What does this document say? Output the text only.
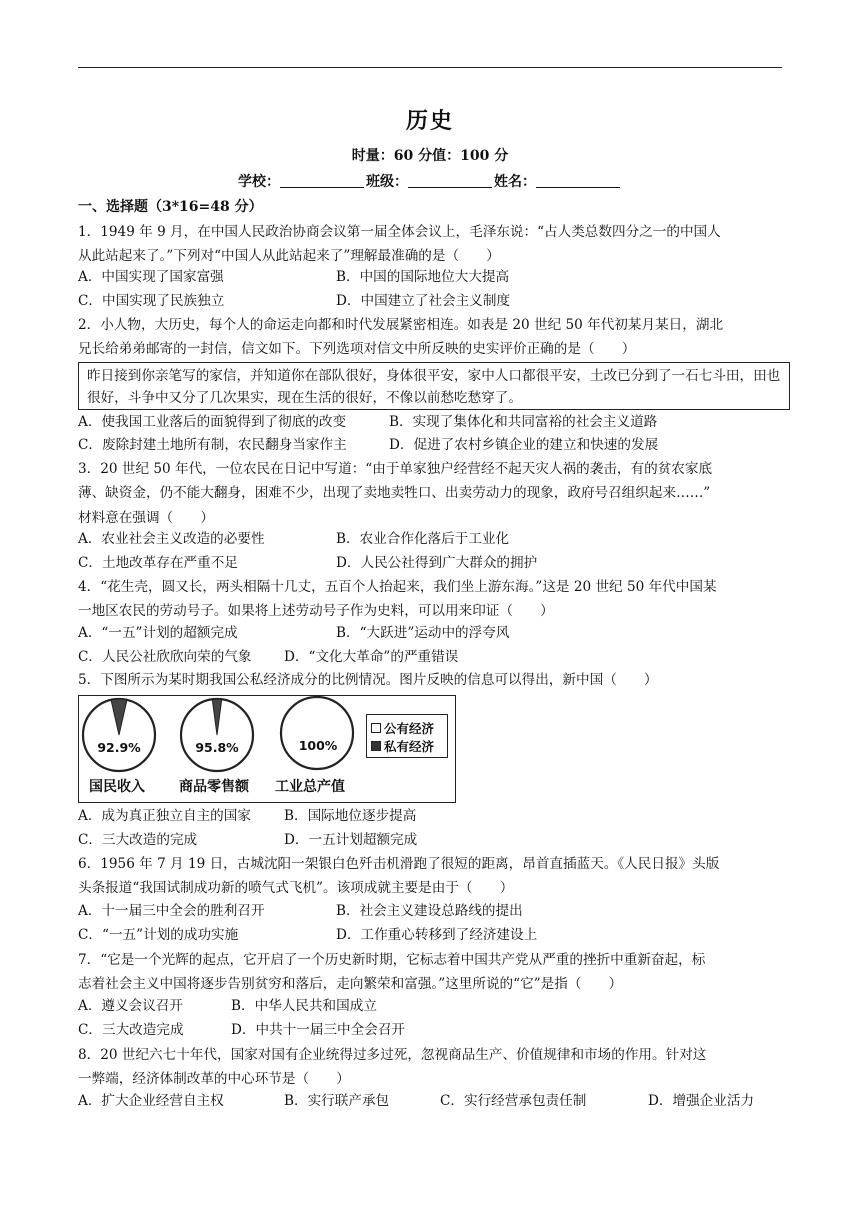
历史
时量：60 分值：100 分
学校：	班级：	姓名：
一、选择题（3*16=48 分）
1．1949 年 9 月，在中国人民政治协商会议第一届全体会议上，毛泽东说：“占人类总数四分之一的中国人
从此站起来了。”下列对“中国人从此站起来了”理解最准确的是（　　）
A．中国实现了国家富强	B．中国的国际地位大大提高
C．中国实现了民族独立	D．中国建立了社会主义制度
2．小人物，大历史，每个人的命运走向都和时代发展紧密相连。如表是 20 世纪 50 年代初某月某日，湖北
兄长给弟弟邮寄的一封信，信文如下。下列选项对信文中所反映的史实评价正确的是（　　）
昨日接到你亲笔写的家信，并知道你在部队很好，身体很平安，家中人口都很平安，土改已分到了一石七斗田，田也
很好，斗争中又分了几次果实，现在生活的很好，不像以前愁吃愁穿了。
A．使我国工业落后的面貌得到了彻底的改变	B．实现了集体化和共同富裕的社会主义道路
C．废除封建土地所有制，农民翻身当家作主	D．促进了农村乡镇企业的建立和快速的发展
3．20 世纪 50 年代，一位农民在日记中写道：“由于单家独户经营经不起天灾人祸的袭击，有的贫农家底
薄、缺资金，仍不能大翻身，困难不少，出现了卖地卖牲口、出卖劳动力的现象，政府号召组织起来……”
材料意在强调（　　）
A．农业社会主义改造的必要性	B．农业合作化落后于工业化
C．土地改革存在严重不足	D．人民公社得到广大群众的拥护
4．“花生壳，圆又长，两头相隔十几丈，五百个人抬起来，我们坐上游东海。”这是 20 世纪 50 年代中国某
一地区农民的劳动号子。如果将上述劳动号子作为史料，可以用来印证（　　）
A．“一五”计划的超额完成	B．“大跃进”运动中的浮夸风
C．人民公社欣欣向荣的气象 D．“文化大革命”的严重错误
5．下图所示为某时期我国公私经济成分的比例情况。图片反映的信息可以得出，新中国（　　）
92.9%	95.8%	100%
国民收入 商品零售额 工业总产值
公有经济
私有经济
A．成为真正独立自主的国家 B．国际地位逐步提高
C．三大改造的完成	D．一五计划超额完成
6．1956 年 7 月 19 日，古城沈阳一架银白色歼击机滑跑了很短的距离，昂首直插蓝天。《人民日报》头版
头条报道“我国试制成功新的喷气式飞机”。该项成就主要是由于（　　）
A．十一届三中全会的胜利召开	B．社会主义建设总路线的提出
C．“一五”计划的成功实施	D．工作重心转移到了经济建设上
7．“它是一个光辉的起点，它开启了一个历史新时期，它标志着中国共产党从严重的挫折中重新奋起，标
志着社会主义中国将逐步告别贫穷和落后，走向繁荣和富强。”这里所说的“它”是指（　　）
A．遵义会议召开	B．中华人民共和国成立
C．三大改造完成	D．中共十一届三中全会召开
8．20 世纪六七十年代，国家对国有企业统得过多过死，忽视商品生产、价值规律和市场的作用。针对这
一弊端，经济体制改革的中心环节是（　　）
A．扩大企业经营自主权	B．实行联产承包	C．实行经营承包责任制	D．增强企业活力
